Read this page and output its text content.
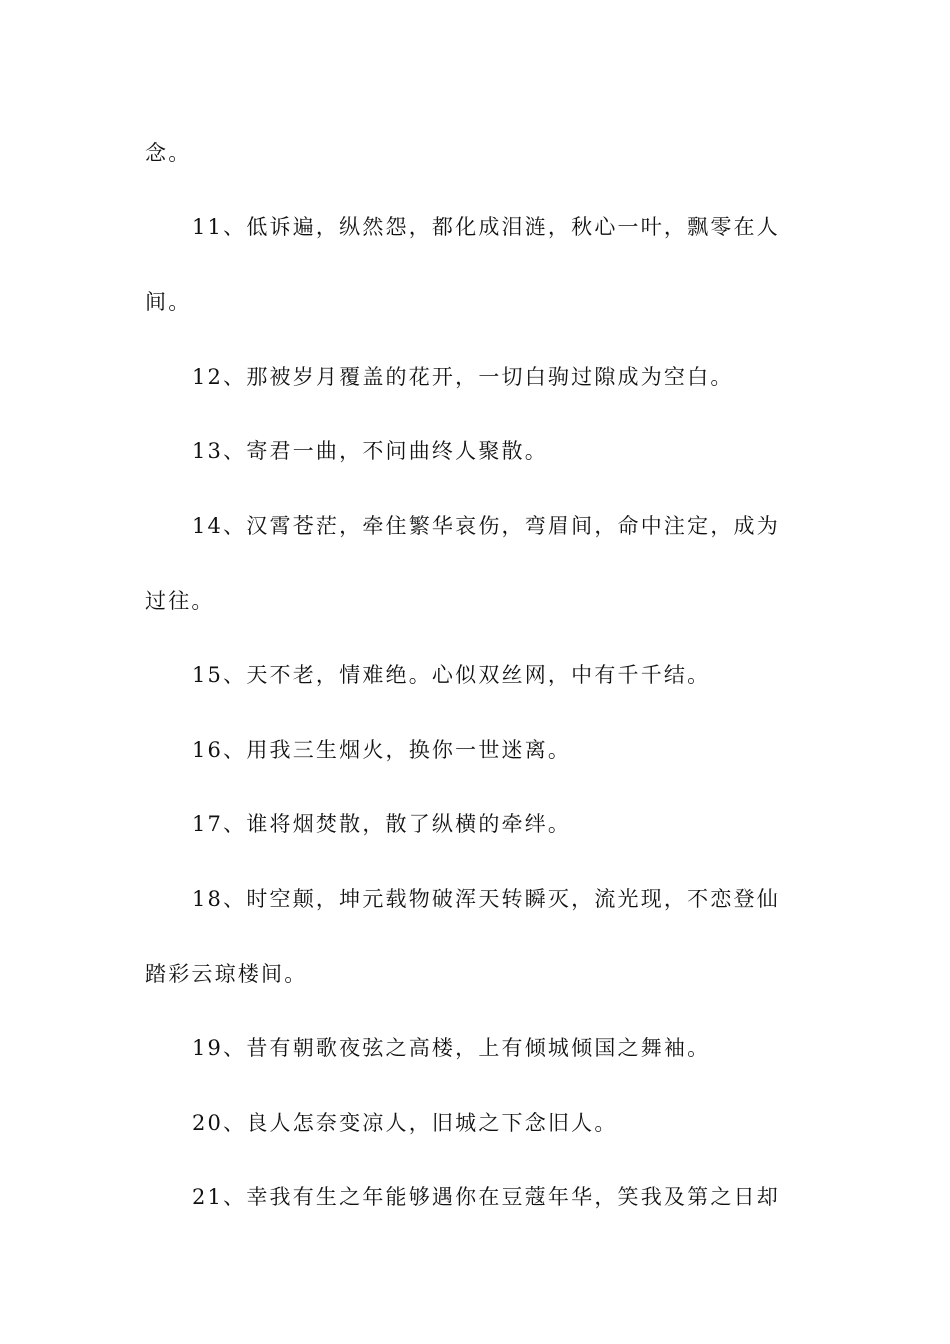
念。
11、低诉遍，纵然怨，都化成泪涟，秋心一叶，飘零在人
间。
12、那被岁月覆盖的花开，一切白驹过隙成为空白。
13、寄君一曲，不问曲终人聚散。
14、汉霄苍茫，牵住繁华哀伤，弯眉间，命中注定，成为
过往。
15、天不老，情难绝。心似双丝网，中有千千结。
16、用我三生烟火，换你一世迷离。
17、谁将烟焚散，散了纵横的牵绊。
18、时空颠，坤元载物破浑天转瞬灭，流光现，不恋登仙
踏彩云琼楼间。
19、昔有朝歌夜弦之高楼，上有倾城倾国之舞袖。
20、良人怎奈变凉人，旧城之下念旧人。
21、幸我有生之年能够遇你在豆蔻年华，笑我及第之日却
